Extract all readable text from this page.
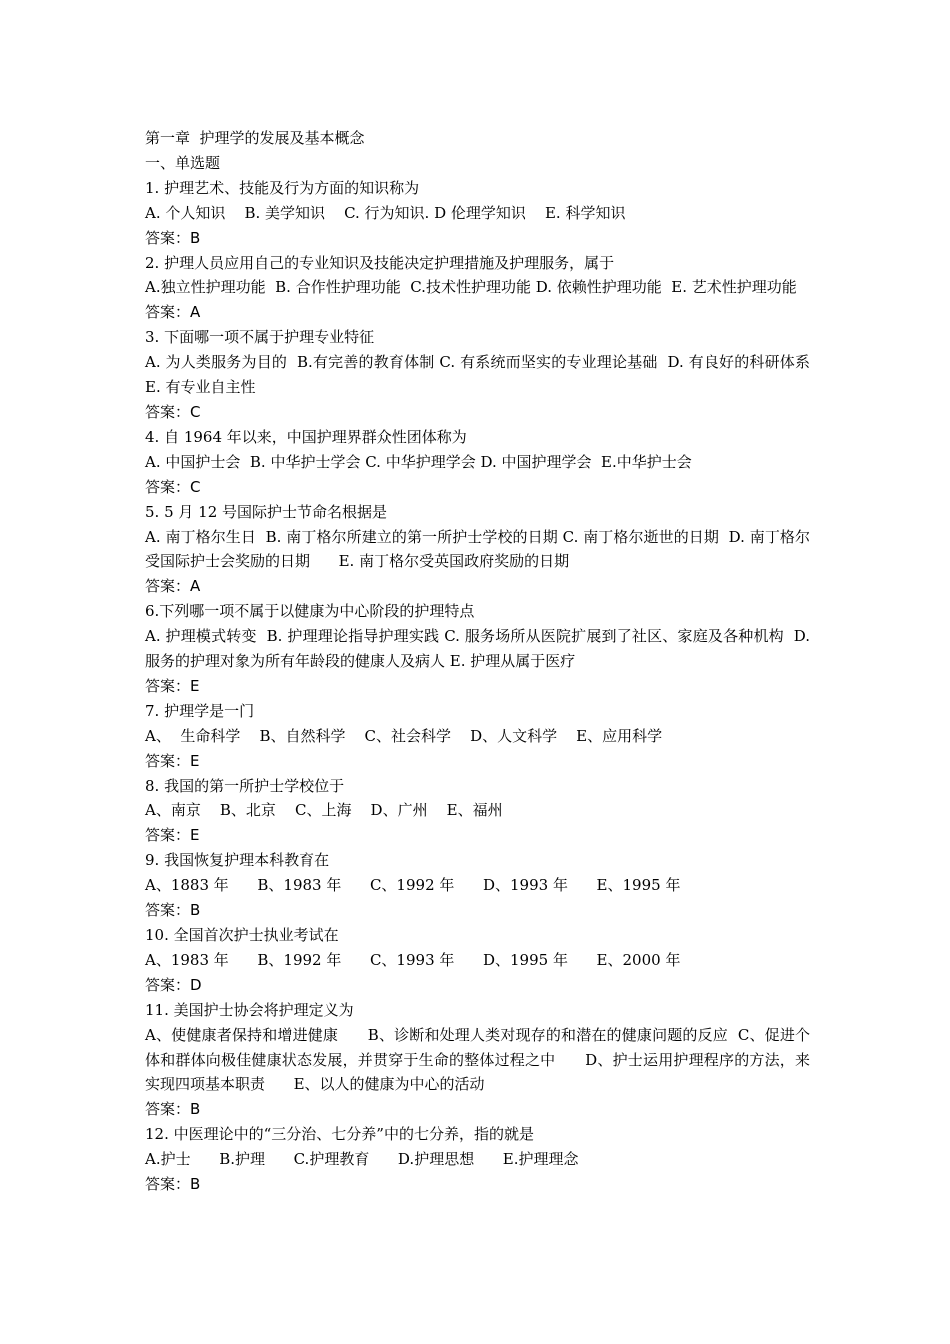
第一章  护理学的发展及基本概念

一、单选题

1. 护理艺术、技能及行为方面的知识称为

A. 个人知识    B. 美学知识    C. 行为知识. D 伦理学知识    E. 科学知识

答案：B

2. 护理人员应用自己的专业知识及技能决定护理措施及护理服务，属于

A.独立性护理功能  B. 合作性护理功能  C.技术性护理功能 D. 依赖性护理功能  E. 艺术性护理功能

答案：A

3. 下面哪一项不属于护理专业特征

A. 为人类服务为目的  B.有完善的教育体制 C. 有系统而坚实的专业理论基础  D. 有良好的科研体系    E. 有专业自主性

答案：C

4. 自 1964 年以来，中国护理界群众性团体称为

A. 中国护士会  B. 中华护士学会 C. 中华护理学会 D. 中国护理学会  E.中华护士会

答案：C

5. 5 月 12 号国际护士节命名根据是

A. 南丁格尔生日  B. 南丁格尔所建立的第一所护士学校的日期 C. 南丁格尔逝世的日期  D. 南丁格尔受国际护士会奖励的日期      E. 南丁格尔受英国政府奖励的日期

答案：A

6.下列哪一项不属于以健康为中心阶段的护理特点

A. 护理模式转变  B. 护理理论指导护理实践 C. 服务场所从医院扩展到了社区、家庭及各种机构  D. 服务的护理对象为所有年龄段的健康人及病人 E. 护理从属于医疗

答案：E

7. 护理学是一门

A、  生命科学    B、自然科学    C、社会科学    D、人文科学    E、应用科学

答案：E

8. 我国的第一所护士学校位于

A、南京    B、北京    C、上海    D、广州    E、福州

答案：E

9. 我国恢复护理本科教育在

A、1883 年      B、1983 年      C、1992 年      D、1993 年      E、1995 年

答案：B

10. 全国首次护士执业考试在

A、1983 年      B、1992 年      C、1993 年      D、1995 年      E、2000 年

答案：D

11. 美国护士协会将护理定义为

A、使健康者保持和增进健康      B、诊断和处理人类对现存的和潜在的健康问题的反应  C、促进个体和群体向极佳健康状态发展，并贯穿于生命的整体过程之中      D、护士运用护理程序的方法，来实现四项基本职责      E、以人的健康为中心的活动

答案：B

12. 中医理论中的“三分治、七分养”中的七分养，指的就是

A.护士      B.护理      C.护理教育      D.护理思想      E.护理理念

答案：B
